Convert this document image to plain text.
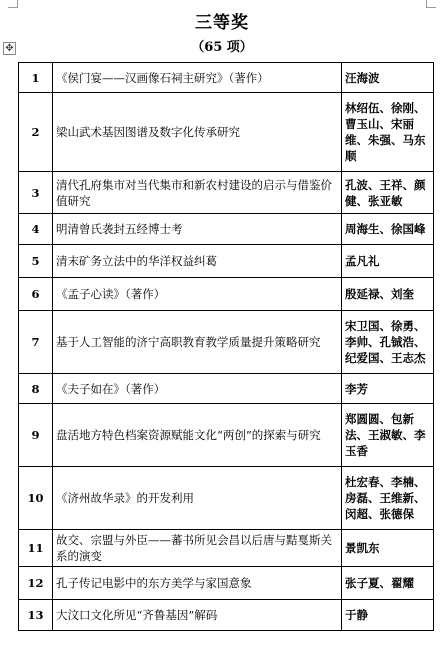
✥
三等奖
（65 项）
1	《侯门宴——汉画像石祠主研究》（著作）	汪海波
2	梁山武术基因图谱及数字化传承研究	林绍伍、徐刚、曹玉山、宋丽维、朱强、马东顺
3	清代孔府集市对当代集市和新农村建设的启示与借鉴价值研究	孔波、王祥、颜健、张亚敏
4	明清曾氏袭封五经博士考	周海生、徐国峰
5	清末矿务立法中的华洋权益纠葛	孟凡礼
6	《孟子心读》（著作）	殷延禄、刘奎
7	基于人工智能的济宁高职教育教学质量提升策略研究	宋卫国、徐勇、李帅、孔铖浩、纪爱国、王志杰
8	《夫子如在》（著作）	李芳
9	盘活地方特色档案资源赋能文化“两创”的探索与研究	郑圆圆、包新法、王淑敏、李玉香
10	《济州故华录》的开发利用	杜宏春、李楠、房磊、王维新、闵超、张德保
11	故交、宗盟与外臣——蕃书所见会昌以后唐与黠戛斯关系的演变	景凯东
12	孔子传记电影中的东方美学与家国意象	张子夏、翟耀
13	大汶口文化所见“齐鲁基因”解码	于静
